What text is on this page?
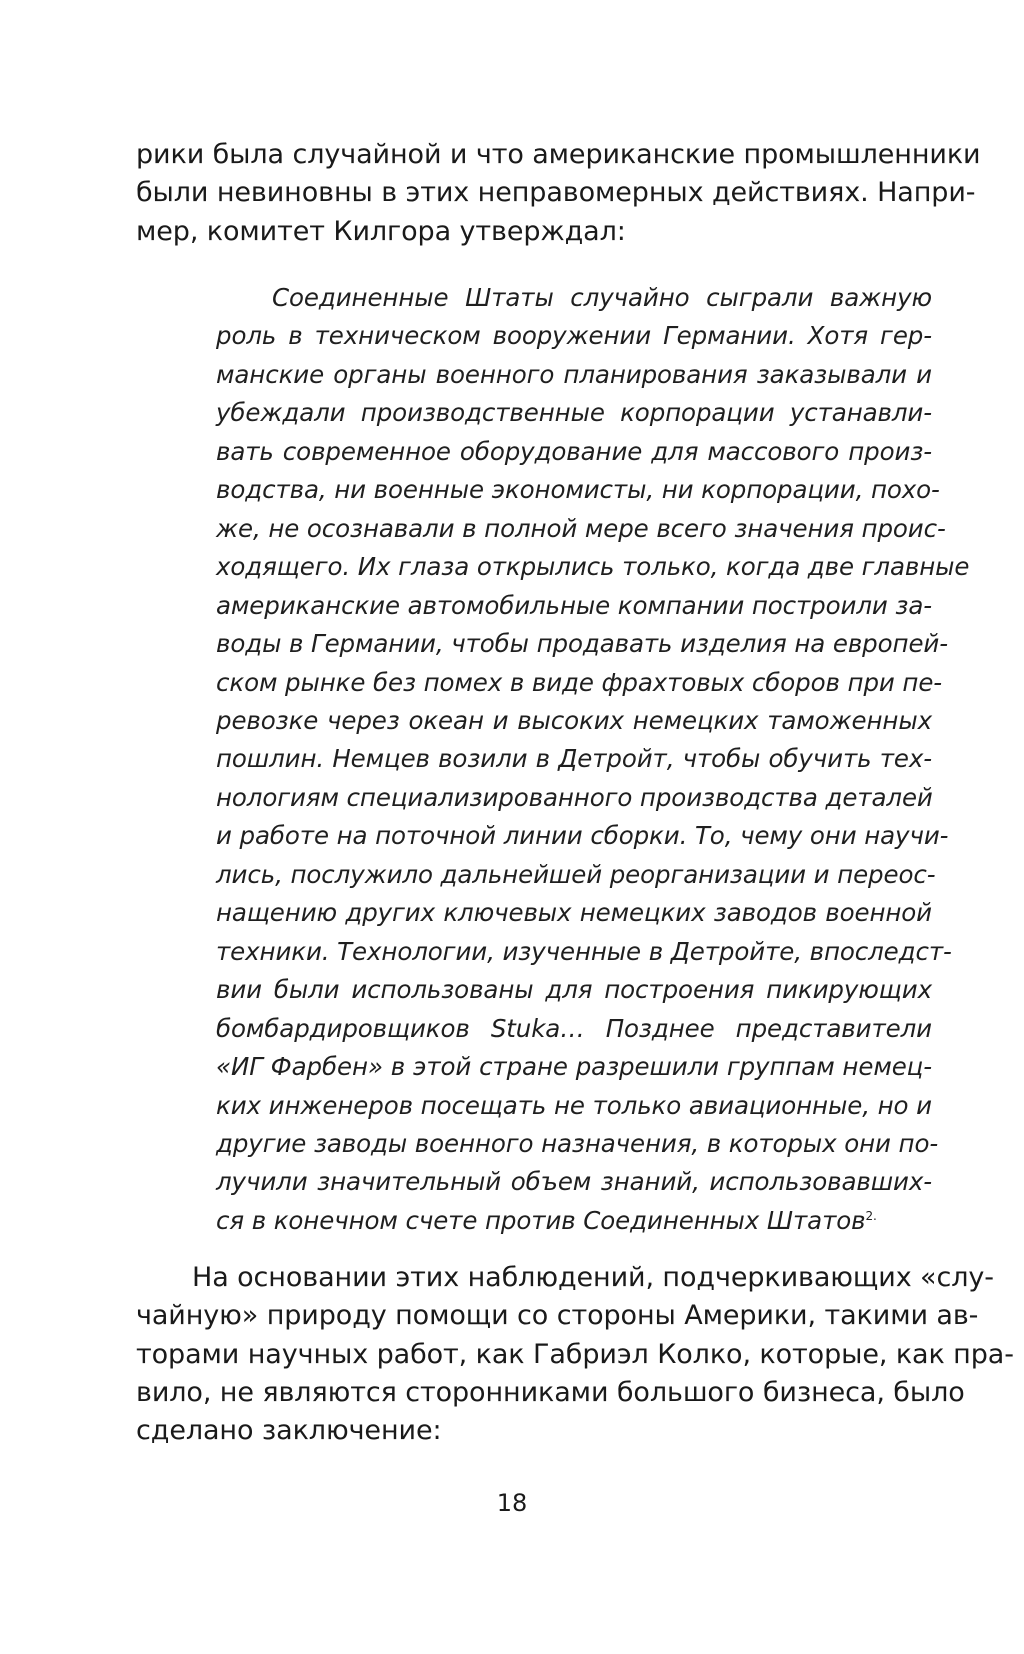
рики была случайной и что американские промышленники
были невиновны в этих неправомерных действиях. Напри-
мер, комитет Килгора утверждал:

Соединенные Штаты случайно сыграли важную
роль в техническом вооружении Германии. Хотя гер-
манские органы военного планирования заказывали и
убеждали производственные корпорации устанавли-
вать современное оборудование для массового произ-
водства, ни военные экономисты, ни корпорации, похо-
же, не осознавали в полной мере всего значения проис-
ходящего. Их глаза открылись только, когда две главные
американские автомобильные компании построили за-
воды в Германии, чтобы продавать изделия на европей-
ском рынке без помех в виде фрахтовых сборов при пе-
ревозке через океан и высоких немецких таможенных
пошлин. Немцев возили в Детройт, чтобы обучить тех-
нологиям специализированного производства деталей
и работе на поточной линии сборки. То, чему они научи-
лись, послужило дальнейшей реорганизации и переос-
нащению других ключевых немецких заводов военной
техники. Технологии, изученные в Детройте, впоследст-
вии были использованы для построения пикирующих
бомбардировщиков Stuka… Позднее представители
«ИГ Фарбен» в этой стране разрешили группам немец-
ких инженеров посещать не только авиационные, но и
другие заводы военного назначения, в которых они по-
лучили значительный объем знаний, использовавших-
ся в конечном счете против Соединенных Штатов$^{2.}$

На основании этих наблюдений, подчеркивающих «слу-
чайную» природу помощи со стороны Америки, такими ав-
торами научных работ, как Габриэл Колко, которые, как пра-
вило, не являются сторонниками большого бизнеса, было
сделано заключение:

18
